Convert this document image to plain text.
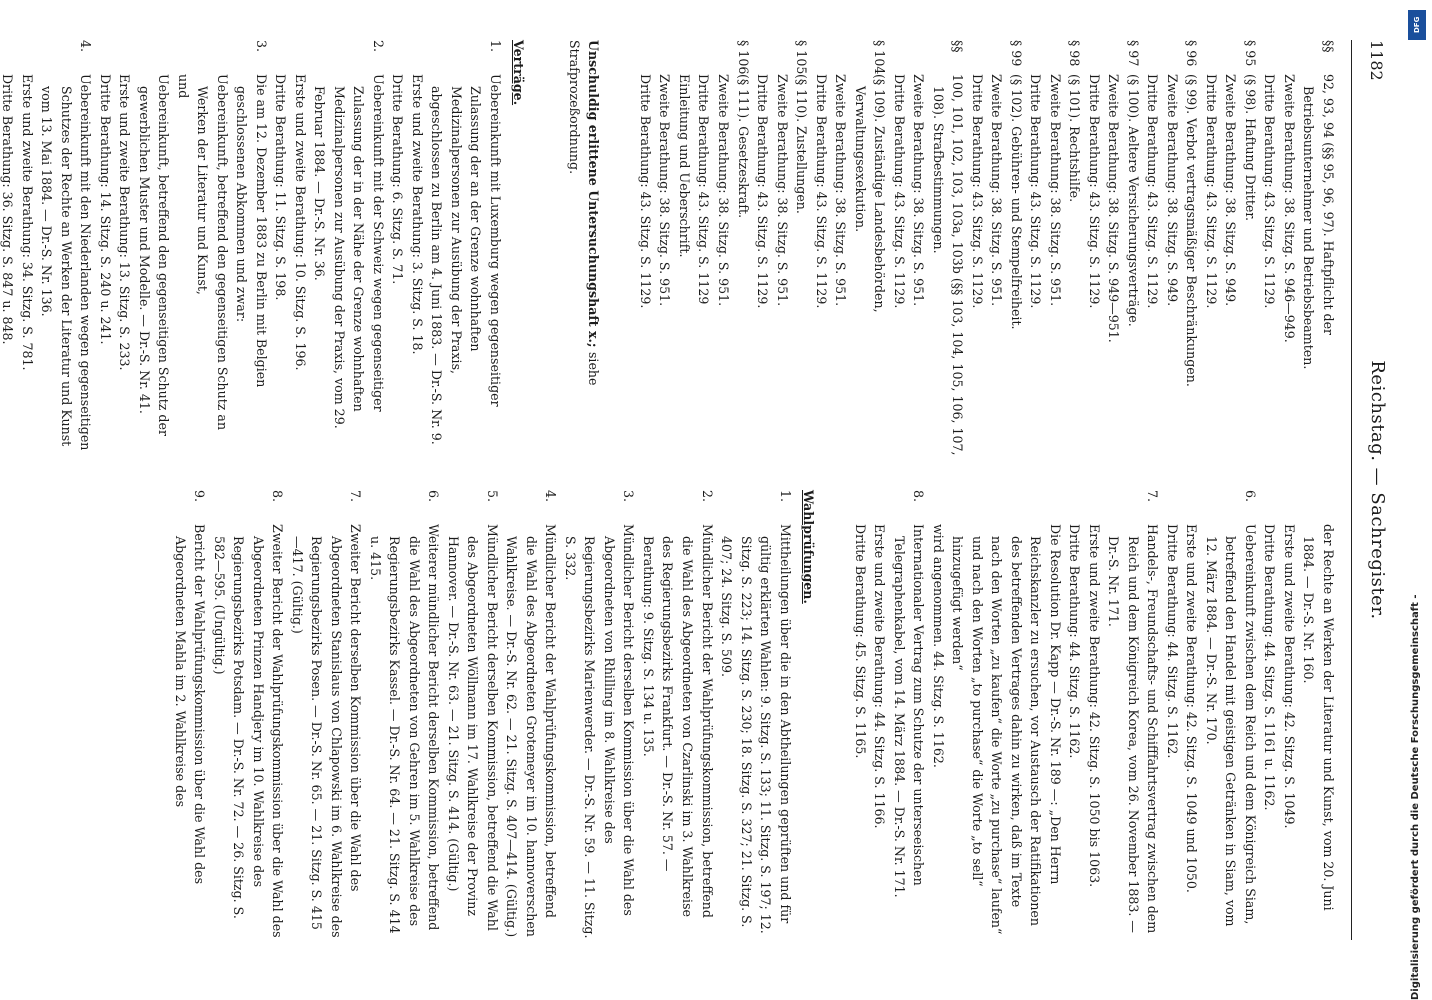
1182
Reichstag. — Sachregister.
§§
92, 93, 94 (§§ 95, 96, 97). Haftpflicht der Betriebsunternehmer und Betriebsbeamten.
Zweite Berathung: 38. Sitzg. S. 946—949.
Dritte Berathung: 43. Sitzg. S. 1129.
§ 95
(§ 98). Haftung Dritter.
Zweite Berathung: 38. Sitzg. S. 949.
Dritte Berathung: 43. Sitzg. S. 1129.
§ 96
(§ 99). Verbot vertragsmäßiger Beschränkungen.
Zweite Berathung: 38. Sitzg. S. 949.
Dritte Berathung: 43. Sitzg. S. 1129.
§ 97
(§ 100). Aeltere Versicherungsverträge.
Zweite Berathung: 38. Sitzg. S. 949—951.
Dritte Berathung: 43. Sitzg. S. 1129.
§ 98
(§ 101). Rechtshilfe.
Zweite Berathung: 38. Sitzg. S. 951.
Dritte Berathung: 43. Sitzg. S. 1129.
§ 99
(§ 102). Gebühren- und Stempelfreiheit.
Zweite Berathung: 38. Sitzg. S. 951.
Dritte Berathung: 43. Sitzg. S. 1129.
§§
100, 101, 102, 103, 103a, 103b (§§ 103, 104, 105, 106, 107, 108). Strafbestimmungen.
Zweite Berathung: 38. Sitzg. S. 951.
Dritte Berathung: 43. Sitzg. S. 1129.
§ 104
(§ 109). Zuständige Landesbehörden, Verwaltungsexekution.
Zweite Berathung: 38. Sitzg. S. 951.
Dritte Berathung: 43. Sitzg. S. 1129.
§ 105
(§ 110). Zustellungen.
Zweite Berathung: 38. Sitzg. S. 951.
Dritte Berathung: 43. Sitzg. S. 1129.
§ 106
(§ 111). Gesetzeskraft.
Zweite Berathung: 38. Sitzg. S. 951.
Dritte Berathung: 43. Sitzg. S. 1129
Einleitung und Ueberschrift.
Zweite Berathung: 38. Sitzg. S. 951.
Dritte Berathung: 43. Sitzg. S. 1129.
Unschuldig erlittene Untersuchungshaft x.; siehe Strafprozeßordnung.
Verträge.
1.
Uebereinkunft mit Luxemburg wegen gegenseitiger Zulassung der an der Grenze wohnhaften Medizinalpersonen zur Ausübung der Praxis, abgeschlossen zu Berlin am 4. Juni 1883. — Dr.-S. Nr. 9.
Erste und zweite Berathung: 3. Sitzg. S. 18.
Dritte Berathung: 6. Sitzg. S. 71.
2.
Uebereinkunft mit der Schweiz wegen gegenseitiger Zulassung der in der Nähe der Grenze wohnhaften Medizinalpersonen zur Ausübung der Praxis, vom 29. Februar 1884. — Dr.-S. Nr. 36.
Erste und zweite Berathung: 10. Sitzg. S. 196.
Dritte Berathung: 11. Sitzg. S. 198.
3.
Die am 12. Dezember 1883 zu Berlin mit Belgien geschlossenen Abkommen und zwar:
Uebereinkunft, betreffend den gegenseitigen Schutz an Werken der Literatur und Kunst,
und
Uebereinkunft, betreffend den gegenseitigen Schutz der gewerblichen Muster und Modelle. — Dr.-S. Nr. 41.
Erste und zweite Berathung: 13. Sitzg. S. 233.
Dritte Berathung: 14. Sitzg. S. 240 u. 241.
4.
Uebereinkunft mit den Niederlanden wegen gegenseitigen Schutzes der Rechte an Werken der Literatur und Kunst vom 13. Mai 1884. — Dr.-S. Nr. 136.
Erste und zweite Berathung: 34. Sitzg. S. 781.
Dritte Berathung: 36. Sitzg. S. 847 u. 848.
der Rechte an Werken der Literatur und Kunst, vom 20. Juni 1884. — Dr.-S. Nr. 160.
Erste und zweite Berathung: 42. Sitzg. S. 1049.
Dritte Berathung: 44. Sitzg. S. 1161 u. 1162.
6.
Uebereinkunft zwischen dem Reich und dem Königreich Siam, betreffend den Handel mit geistigen Getränken in Siam, vom 12. März 1884. — Dr.-S. Nr. 170.
Erste und zweite Berathung: 42. Sitzg. S. 1049 und 1050.
Dritte Berathung: 44. Sitzg. S. 1162.
7.
Handels-, Freundschafts- und Schifffahrtsvertrag zwischen dem Reich und dem Königreich Korea, vom 26. November 1883. — Dr.-S. Nr. 171.
Erste und zweite Berathung: 42. Sitzg. S. 1050 bis 1063.
Dritte Berathung: 44. Sitzg. S. 1162.
Die Resolution Dr. Kapp — Dr.-S. Nr. 189 —: „Den Herrn Reichskanzler zu ersuchen, vor Austausch der Ratifikationen des betreffenden Vertrages dahin zu wirken, daß im Texte nach den Worten „zu kaufen“ die Worte „zu purchase“ laufen“ und nach den Worten „to purchase“ die Worte „to sell“ hinzugefügt werden“
wird angenommen. 44. Sitzg. S. 1162.
8.
Internationaler Vertrag zum Schutze der unterseeischen Telegraphenkabel, vom 14. März 1884. — Dr.-S. Nr. 171.
Erste und zweite Berathung: 44. Sitzg. S. 1166.
Dritte Berathung: 45. Sitzg. S. 1165.
Wahlprüfungen.
1.
Mittheilungen über die in den Abtheilungen geprüften und für gültig erklärten Wahlen: 9. Sitzg. S. 133; 11. Sitzg. S. 197; 12. Sitzg. S. 223; 14. Sitzg. S. 230; 18. Sitzg. S. 327; 21. Sitzg. S. 407; 24. Sitzg. S. 509.
2.
Mündlicher Bericht der Wahlprüfungskommission, betreffend die Wahl des Abgeordneten von Czarlinski im 3. Wahlkreise des Regierungsbezirks Frankfurt. — Dr.-S. Nr. 57. — Berathung: 9. Sitzg. S. 134 u. 135.
3.
Mündlicher Bericht derselben Kommission über die Wahl des Abgeordneten von Rhilling im 8. Wahlkreise des Regierungsbezirks Marienwerder. — Dr.-S. Nr. 59. — 11. Sitzg. S. 332.
4.
Mündlicher Bericht der Wahlprüfungskommission, betreffend die Wahl des Abgeordneten Grotemeyer im 10. hannoverschen Wahlkreise. — Dr.-S. Nr. 62. — 21. Sitzg. S. 407—414. (Gültig.)
5.
Mündlicher Bericht derselben Kommission, betreffend die Wahl des Abgeordneten Wöllmann im 17. Wahlkreise der Provinz Hannover. — Dr.-S. Nr. 63. — 21. Sitzg. S. 414. (Gültig.)
6.
Weiterer mündlicher Bericht derselben Kommission, betreffend die Wahl des Abgeordneten von Gehren im 5. Wahlkreise des Regierungsbezirks Kassel. — Dr.-S. Nr. 64. — 21. Sitzg. S. 414 u. 415.
7.
Zweiter Bericht derselben Kommission über die Wahl des Abgeordneten Stanislaus von Chlapowski im 6. Wahlkreise des Regierungsbezirks Posen. — Dr.-S. Nr. 65. — 21. Sitzg. S. 415—417. (Gültig.)
8.
Zweiter Bericht der Wahlprüfungskommission über die Wahl des Abgeordneten Prinzen Handjery im 10. Wahlkreise des Regierungsbezirks Potsdam. — Dr.-S. Nr. 72. — 26. Sitzg. S. 582—595. (Ungültig.)
9.
Bericht der Wahlprüfungskommission über die Wahl des Abgeordneten Mahla im 2. Wahlkreise des
DFG
Digitalisierung gefördert durch die Deutsche Forschungsgemeinschaft -
